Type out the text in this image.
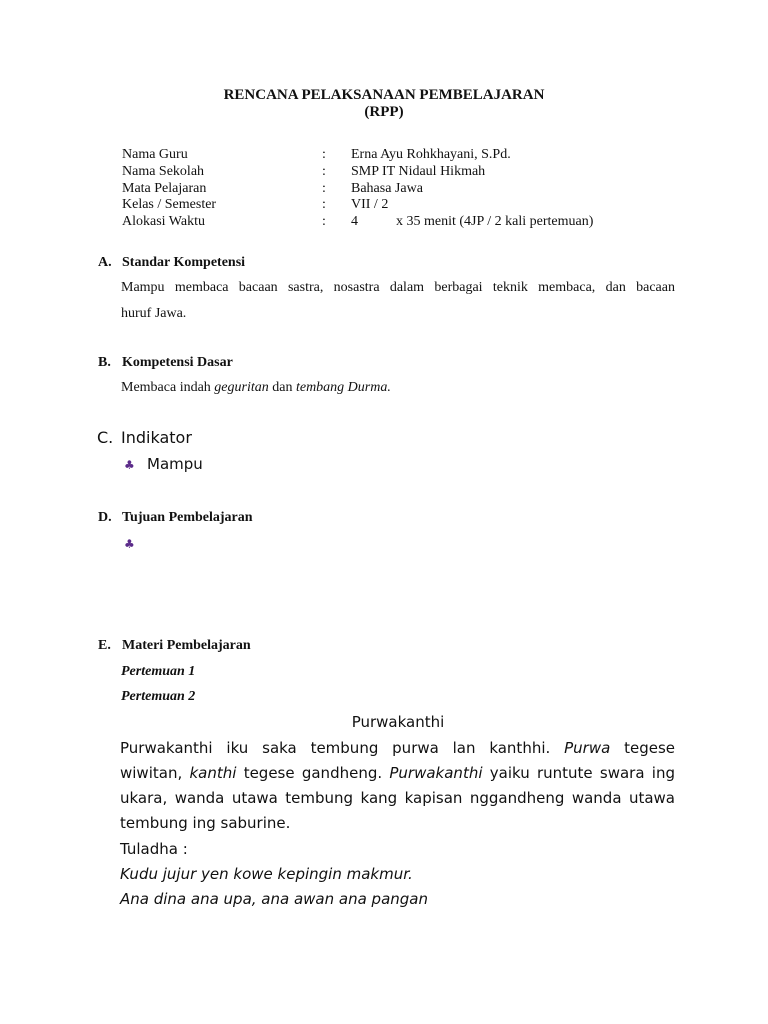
RENCANA PELAKSANAAN PEMBELAJARAN
(RPP)
Nama Guru	: Erna Ayu Rohkhayani, S.Pd.
Nama Sekolah	: SMP IT Nidaul Hikmah
Mata Pelajaran	: Bahasa Jawa
Kelas / Semester	: VII / 2
Alokasi Waktu	: 4	x 35 menit (4JP / 2 kali pertemuan)
A. Standar Kompetensi
Mampu membaca bacaan sastra, nosastra dalam berbagai teknik membaca, dan bacaan
huruf Jawa.
B. Kompetensi Dasar
Membaca indah geguritan dan tembang Durma.
C. Indikator
♣ Mampu
D. Tujuan Pembelajaran
♣
E. Materi Pembelajaran
Pertemuan 1
Pertemuan 2
Purwakanthi
Purwakanthi iku saka tembung purwa lan kanthhi. Purwa tegese
wiwitan, kanthi tegese gandheng. Purwakanthi yaiku runtute swara ing
ukara, wanda utawa tembung kang kapisan nggandheng wanda utawa
tembung ing saburine.
Tuladha :
Kudu jujur yen kowe kepingin makmur.
Ana dina ana upa, ana awan ana pangan
